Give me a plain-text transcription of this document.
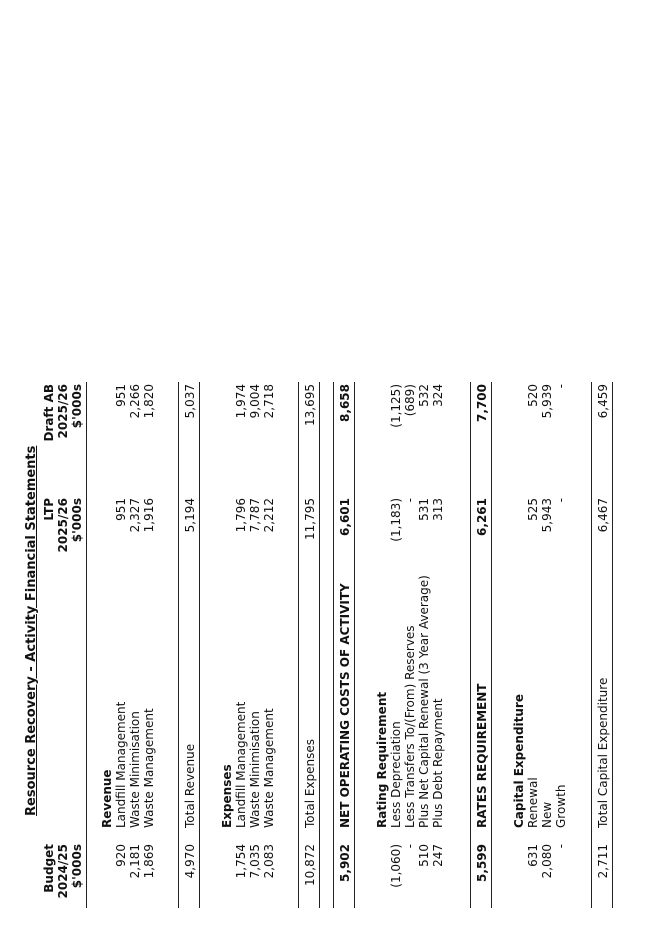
Resource Recovery - Activity Financial Statements
Budget 2024/25 $'000s
LTP 2025/26 $'000s
Draft AB 2025/26 $'000s
Revenue
920
Landfill Management
951
951
2,181
Waste Minimisation
2,327
2,266
1,869
Waste Management
1,916
1,820
4,970
Total Revenue
5,194
5,037
Expenses
1,754
Landfill Management
1,796
1,974
7,035
Waste Minimisation
7,787
9,004
2,083
Waste Management
2,212
2,718
10,872
Total Expenses
11,795
13,695
5,902
NET OPERATING COSTS OF ACTIVITY
6,601
8,658
Rating Requirement
(1,060)
Less Depreciation
(1,183)
(1,125)
-
Less Transfers To/(From) Reserves
-
(689)
510
Plus Net Capital Renewal (3 Year Average)
531
532
247
Plus Debt Repayment
313
324
5,599
RATES REQUIREMENT
6,261
7,700
Capital Expenditure
631
Renewal
525
520
2,080
New
5,943
5,939
-
Growth
-
-
2,711
Total Capital Expenditure
6,467
6,459
